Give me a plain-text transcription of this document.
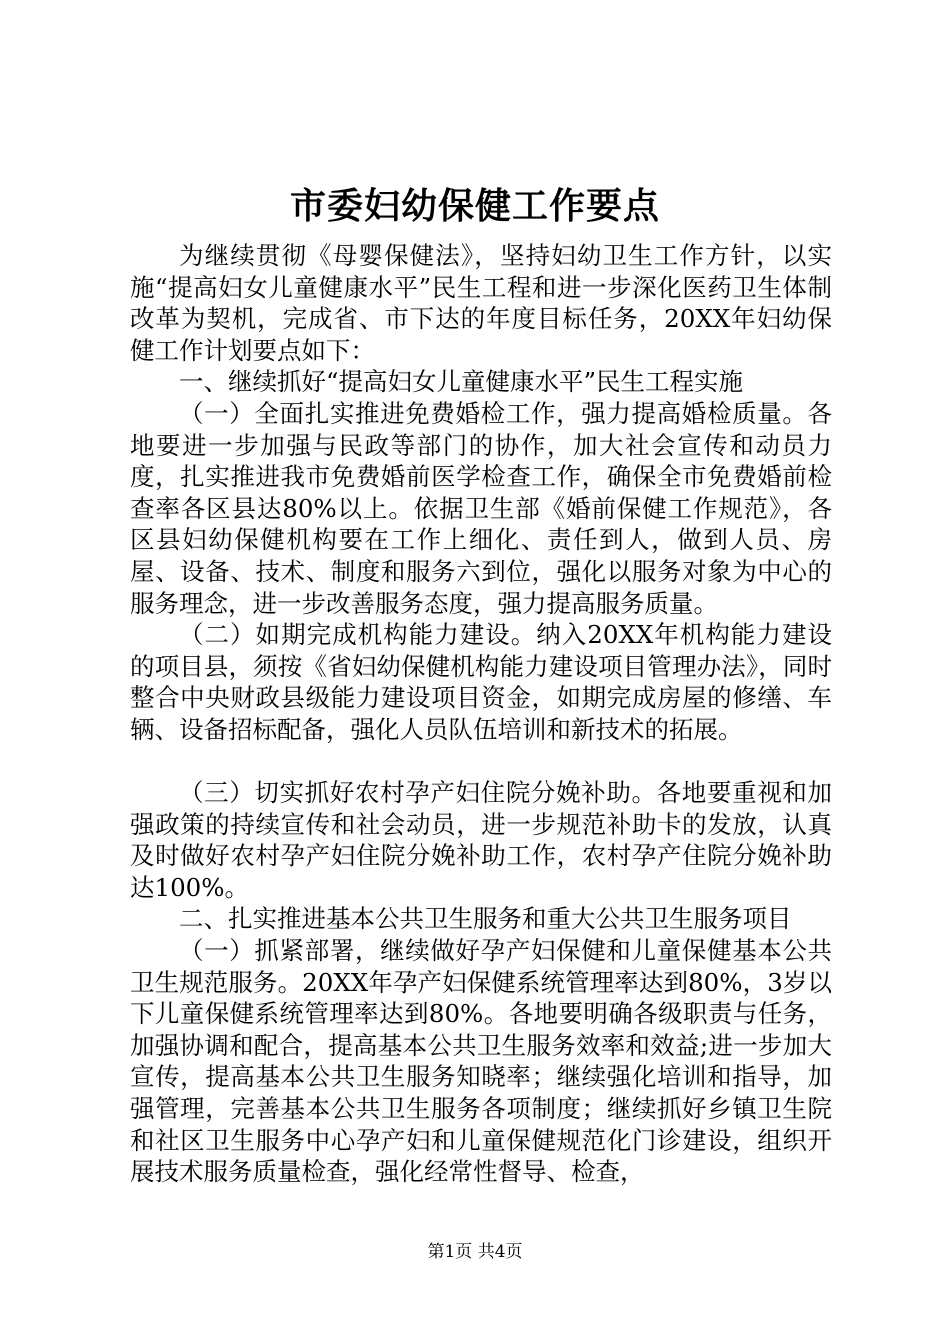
市委妇幼保健工作要点

为继续贯彻《母婴保健法》，坚持妇幼卫生工作方针，以实施“提高妇女儿童健康水平”民生工程和进一步深化医药卫生体制改革为契机，完成省、市下达的年度目标任务，20XX年妇幼保健工作计划要点如下：

一、继续抓好“提高妇女儿童健康水平”民生工程实施

（一）全面扎实推进免费婚检工作，强力提高婚检质量。各地要进一步加强与民政等部门的协作，加大社会宣传和动员力度，扎实推进我市免费婚前医学检查工作，确保全市免费婚前检查率各区县达80%以上。依据卫生部《婚前保健工作规范》，各区县妇幼保健机构要在工作上细化、责任到人，做到人员、房屋、设备、技术、制度和服务六到位，强化以服务对象为中心的服务理念，进一步改善服务态度，强力提高服务质量。

（二）如期完成机构能力建设。纳入20XX年机构能力建设的项目县，须按《省妇幼保健机构能力建设项目管理办法》，同时整合中央财政县级能力建设项目资金，如期完成房屋的修缮、车辆、设备招标配备，强化人员队伍培训和新技术的拓展。

（三）切实抓好农村孕产妇住院分娩补助。各地要重视和加强政策的持续宣传和社会动员，进一步规范补助卡的发放，认真及时做好农村孕产妇住院分娩补助工作，农村孕产住院分娩补助达100%。

二、扎实推进基本公共卫生服务和重大公共卫生服务项目

（一）抓紧部署，继续做好孕产妇保健和儿童保健基本公共卫生规范服务。20XX年孕产妇保健系统管理率达到80%，3岁以下儿童保健系统管理率达到80%。各地要明确各级职责与任务，加强协调和配合，提高基本公共卫生服务效率和效益;进一步加大宣传，提高基本公共卫生服务知晓率；继续强化培训和指导，加强管理，完善基本公共卫生服务各项制度；继续抓好乡镇卫生院和社区卫生服务中心孕产妇和儿童保健规范化门诊建设，组织开展技术服务质量检查，强化经常性督导、检查，

第1页 共4页
